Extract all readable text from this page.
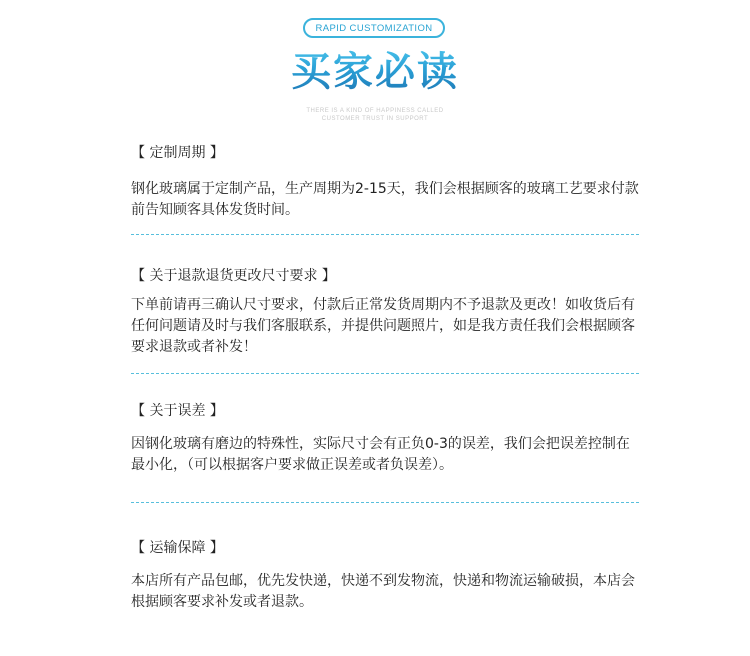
RAPID CUSTOMIZATION
买家必读
THERE IS A KIND OF HAPPINESS CALLED
CUSTOMER TRUST IN SUPPORT
【 定制周期 】
钢化玻璃属于定制产品，生产周期为2-15天，我们会根据顾客的玻璃工艺要求付款前告知顾客具体发货时间。
【 关于退款退货更改尺寸要求 】
下单前请再三确认尺寸要求，付款后正常发货周期内不予退款及更改！如收货后有任何问题请及时与我们客服联系，并提供问题照片，如是我方责任我们会根据顾客要求退款或者补发！
【 关于误差 】
因钢化玻璃有磨边的特殊性，实际尺寸会有正负0-3的误差，我们会把误差控制在最小化，（可以根据客户要求做正误差或者负误差）。
【 运输保障 】
本店所有产品包邮，优先发快递，快递不到发物流，快递和物流运输破损，本店会根据顾客要求补发或者退款。
